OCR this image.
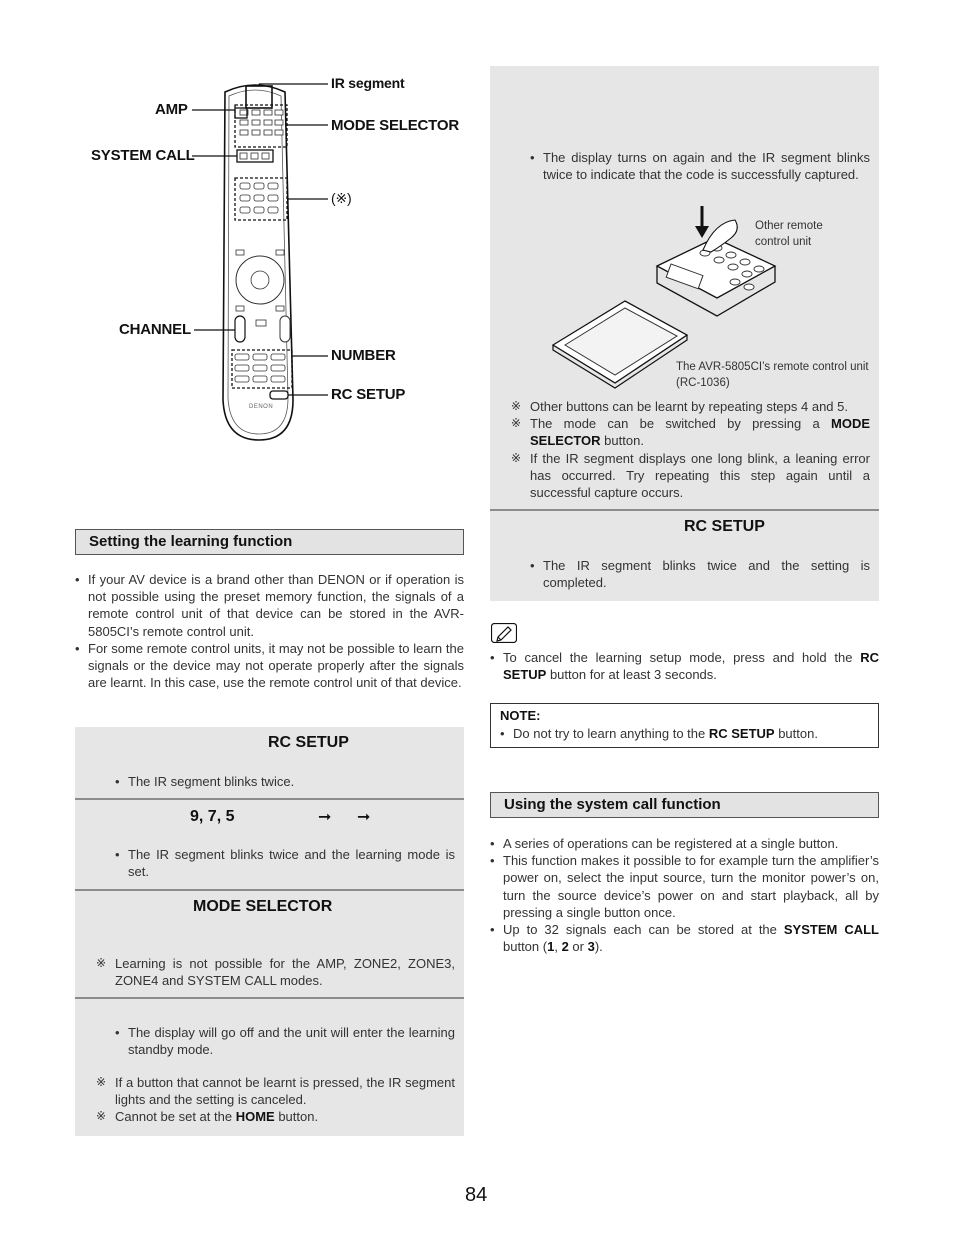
AMP
SYSTEM CALL
IR segment
MODE SELECTOR
(※)
CHANNEL
NUMBER
RC SETUP
DENON
Setting the learning function
• If your AV device is a brand other than DENON or if operation is not possible using the preset memory function, the signals of a remote control unit of that device can be stored in the AVR-5805CI’s remote control unit.
• For some remote control units, it may not be possible to learn the signals or the device may not operate properly after the signals are learnt. In this case, use the remote control unit of that device.
RC SETUP
• The IR segment blinks twice.
9, 7, 5	➞ ➞
• The IR segment blinks twice and the learning mode is set.
MODE SELECTOR
※ Learning is not possible for the AMP, ZONE2, ZONE3, ZONE4 and SYSTEM CALL modes.
• The display will go off and the unit will enter the learning standby mode.
※ If a button that cannot be learnt is pressed, the IR segment lights and the setting is canceled.
※ Cannot be set at the HOME button.
• The display turns on again and the IR segment blinks twice to indicate that the code is successfully captured.
Other remote control unit
The AVR-5805CI’s remote control unit (RC-1036)
※ Other buttons can be learnt by repeating steps 4 and 5.
※ The mode can be switched by pressing a MODE SELECTOR button.
※ If the IR segment displays one long blink, a leaning error has occurred. Try repeating this step again until a successful capture occurs.
RC SETUP
• The IR segment blinks twice and the setting is completed.
• To cancel the learning setup mode, press and hold the RC SETUP button for at least 3 seconds.
NOTE:
• Do not try to learn anything to the RC SETUP button.
Using the system call function
• A series of operations can be registered at a single button.
• This function makes it possible to for example turn the amplifier’s power on, select the input source, turn the monitor power’s on, turn the source device’s power on and start playback, all by pressing a single button once.
• Up to 32 signals each can be stored at the SYSTEM CALL button (1, 2 or 3).
84
